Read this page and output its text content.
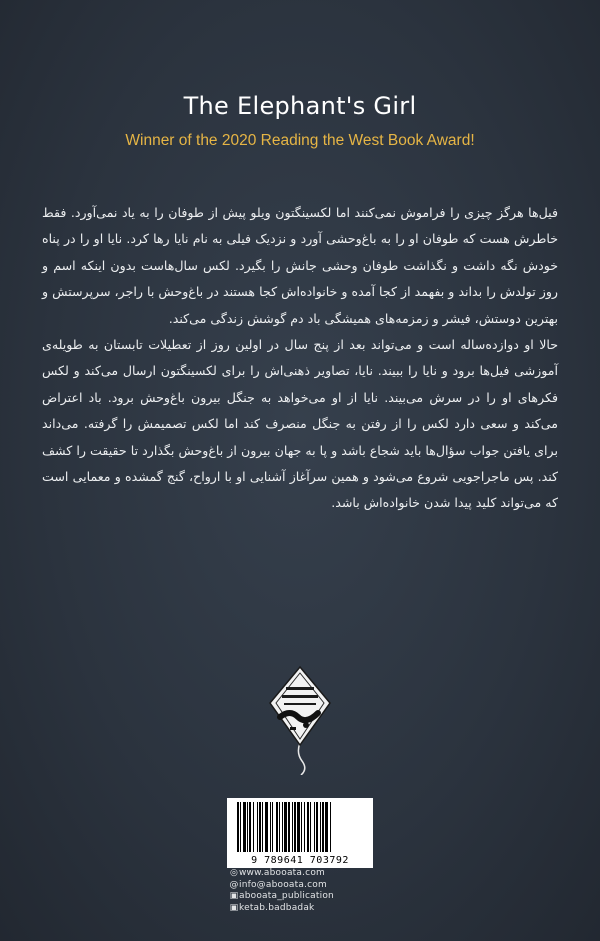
The Elephant's Girl
Winner of the 2020 Reading the West Book Award!

فیل‌ها هرگز چیزی را فراموش نمی‌کنند اما لکسینگتون ویلو پیش از طوفان را به یاد نمی‌آورد. فقط خاطرش هست که طوفان او را به باغ‌وحشی آورد و نزدیک فیلی به نام نایا رها کرد. نایا او را در پناه خودش نگه داشت و نگذاشت طوفان وحشی جانش را بگیرد. لکس سال‌هاست بدون اینکه اسم و روز تولدش را بداند و بفهمد از کجا آمده و خانواده‌اش کجا هستند در باغ‌وحش با راجر، سرپرستش و بهترین دوستش، فیشر و زمزمه‌های همیشگی باد دم گوشش زندگی می‌کند.

حالا او دوازده‌ساله است و می‌تواند بعد از پنج سال در اولین روز از تعطیلات تابستان به طویله‌ی آموزشی فیل‌ها برود و نایا را ببیند. نایا، تصاویر ذهنی‌اش را برای لکسینگتون ارسال می‌کند و لکس فکرهای او را در سرش می‌بیند. نایا از او می‌خواهد به جنگل بیرون باغ‌وحش برود. باد اعتراض می‌کند و سعی دارد لکس را از رفتن به جنگل منصرف کند اما لکس تصمیمش را گرفته. می‌داند برای یافتن جواب سؤال‌ها باید شجاع باشد و پا به جهان بیرون از باغ‌وحش بگذارد تا حقیقت را کشف کند. پس ماجراجویی شروع می‌شود و همین سرآغاز آشنایی او با ارواح، گنج گمشده و معمایی است که می‌تواند کلید پیدا شدن خانواده‌اش باشد.

9 789641 703792
◎ www.abooata.com
@ info@abooata.com
▣ abooata_publication
▣ ketab.badbadak
